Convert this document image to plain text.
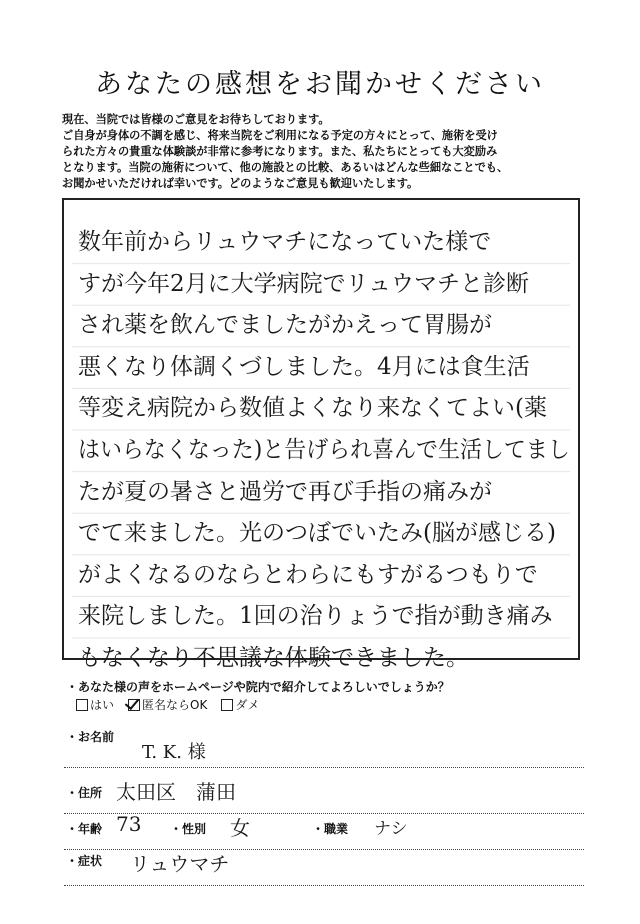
あなたの感想をお聞かせください

現在、当院では皆様のご意見をお待ちしております。

ご自身が身体の不調を感じ、将来当院をご利用になる予定の方々にとって、施術を受け

られた方々の貴重な体験談が非常に参考になります。また、私たちにとっても大変励み

となります。当院の施術について、他の施設との比較、あるいはどんな些細なことでも、

お聞かせいただければ幸いです。どのようなご意見も歓迎いたします。

数年前からリュウマチになっていた様で
すが今年2月に大学病院でリュウマチと診断
され薬を飲んでましたがかえって胃腸が
悪くなり体調くづしました。4月には食生活
等変え病院から数値よくなり来なくてよい(薬
はいらなくなった)と告げられ喜んで生活してまし
たが夏の暑さと過労で再び手指の痛みが
でて来ました。光のつぼでいたみ(脳が感じる)
がよくなるのならとわらにもすがるつもりで
来院しました。1回の治りょうで指が動き痛み
もなくなり不思議な体験できました。
・あなた様の声をホームページや院内で紹介してよろしいでしょうか？
はい 匿名ならOK ダメ
・お名前
T. K. 様
・住所 太田区　蒲田
・年齢 73 ・性別 女	・職業 ナシ
・症状 リュウマチ
